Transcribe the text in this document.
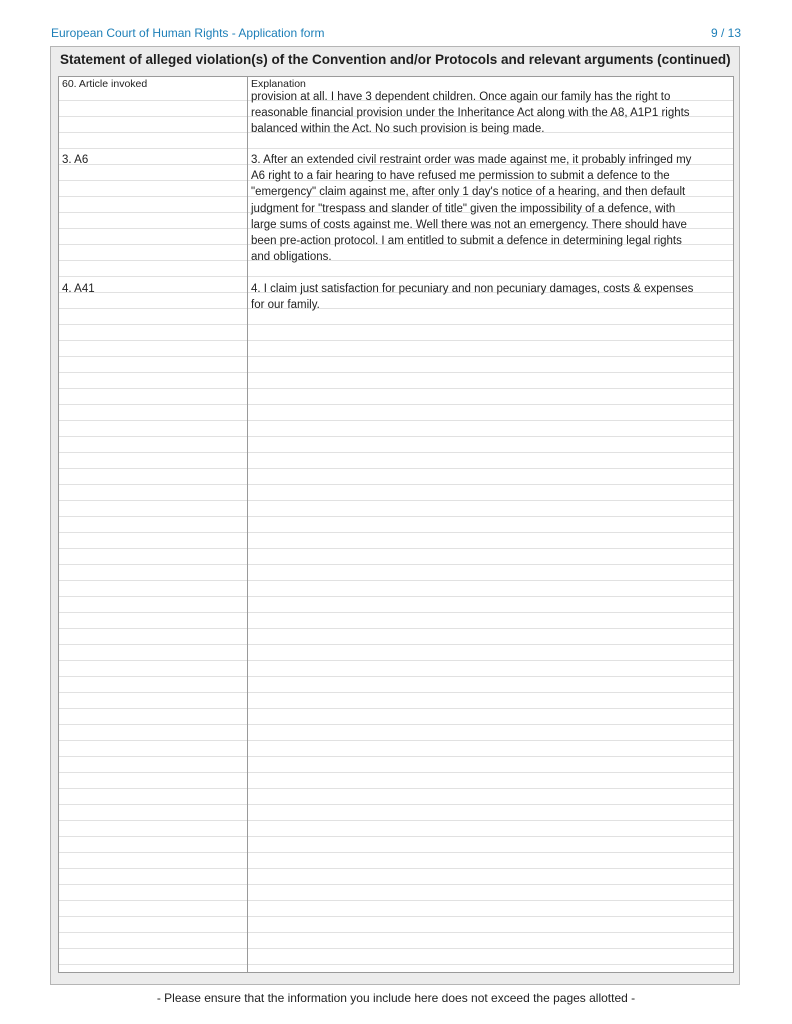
European Court of Human Rights - Application form	9 / 13
Statement of alleged violation(s) of the Convention and/or Protocols and relevant arguments (continued)
60. Article invoked	Explanation
provision at all. I have 3 dependent children. Once again our family has the right to
reasonable financial provision under the Inheritance Act along with the A8, A1P1 rights
balanced within the Act. No such provision is being made.
3. A6	3. After an extended civil restraint order was made against me, it probably infringed my
A6 right to a fair hearing to have refused me permission to submit a defence to the
"emergency" claim against me, after only 1 day's notice of a hearing, and then default
judgment for "trespass and slander of title" given the impossibility of a defence, with
large sums of costs against me. Well there was not an emergency. There should have
been pre-action protocol. I am entitled to submit a defence in determining legal rights
and obligations.
4. A41	4. I claim just satisfaction for pecuniary and non pecuniary damages, costs & expenses
for our family.
- Please ensure that the information you include here does not exceed the pages allotted -
